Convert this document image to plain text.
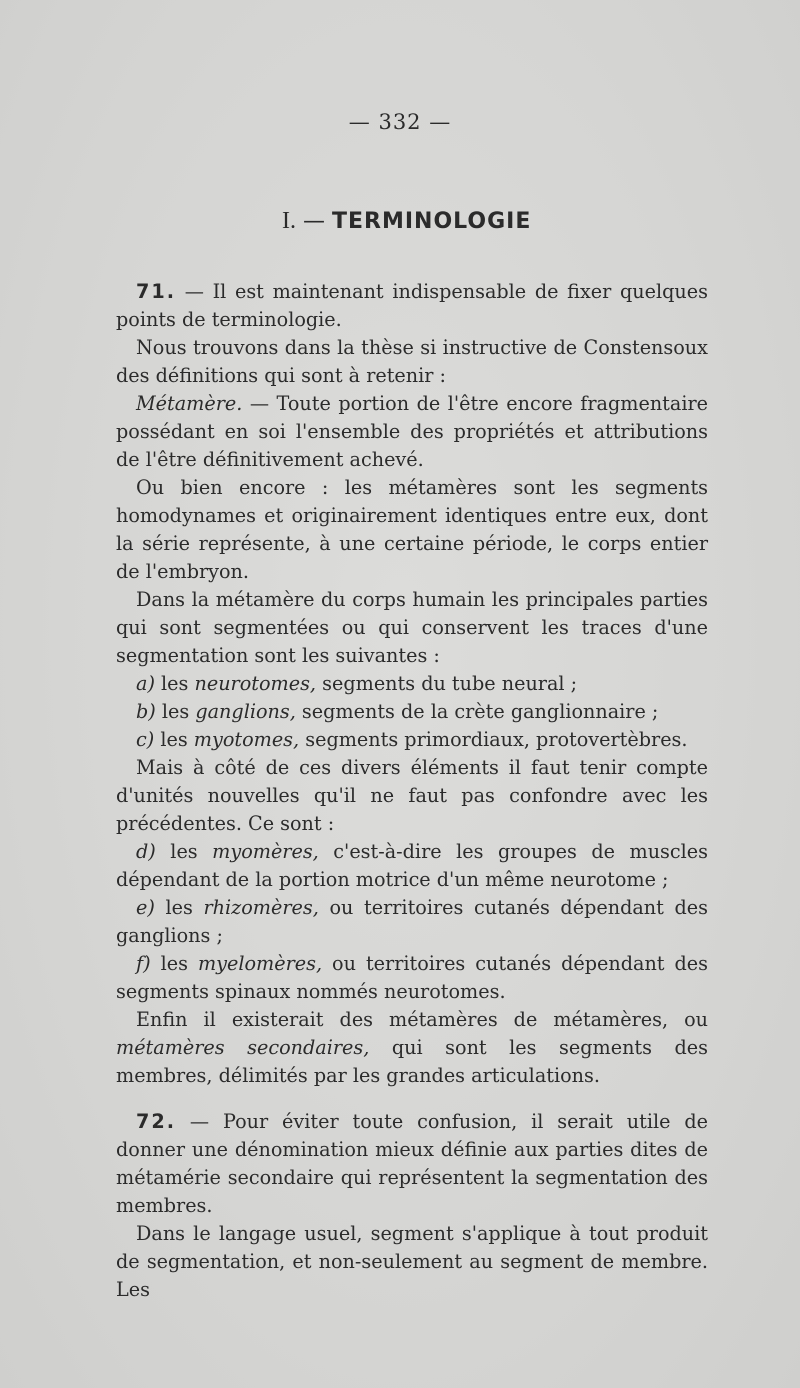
— 332 —
I. — TERMINOLOGIE

71. — Il est maintenant indispensable de fixer quelques points de terminologie.

Nous trouvons dans la thèse si instructive de Constensoux des définitions qui sont à retenir :

Métamère. — Toute portion de l'être encore fragmentaire possédant en soi l'ensemble des propriétés et attributions de l'être définitivement achevé.

Ou bien encore : les métamères sont les segments homodynames et originairement identiques entre eux, dont la série représente, à une certaine période, le corps entier de l'embryon.

Dans la métamère du corps humain les principales parties qui sont segmentées ou qui conservent les traces d'une segmentation sont les suivantes :

a) les neurotomes, segments du tube neural ;

b) les ganglions, segments de la crète ganglionnaire ;

c) les myotomes, segments primordiaux, protovertèbres.

Mais à côté de ces divers éléments il faut tenir compte d'unités nouvelles qu'il ne faut pas confondre avec les précédentes. Ce sont :

d) les myomères, c'est-à-dire les groupes de muscles dépendant de la portion motrice d'un même neurotome ;

e) les rhizomères, ou territoires cutanés dépendant des ganglions ;

f) les myelomères, ou territoires cutanés dépendant des segments spinaux nommés neurotomes.

Enfin il existerait des métamères de métamères, ou métamères secondaires, qui sont les segments des membres, délimités par les grandes articulations.

72. — Pour éviter toute confusion, il serait utile de donner une dénomination mieux définie aux parties dites de métamérie secondaire qui représentent la segmentation des membres.

Dans le langage usuel, segment s'applique à tout produit de segmentation, et non-seulement au segment de membre. Les
